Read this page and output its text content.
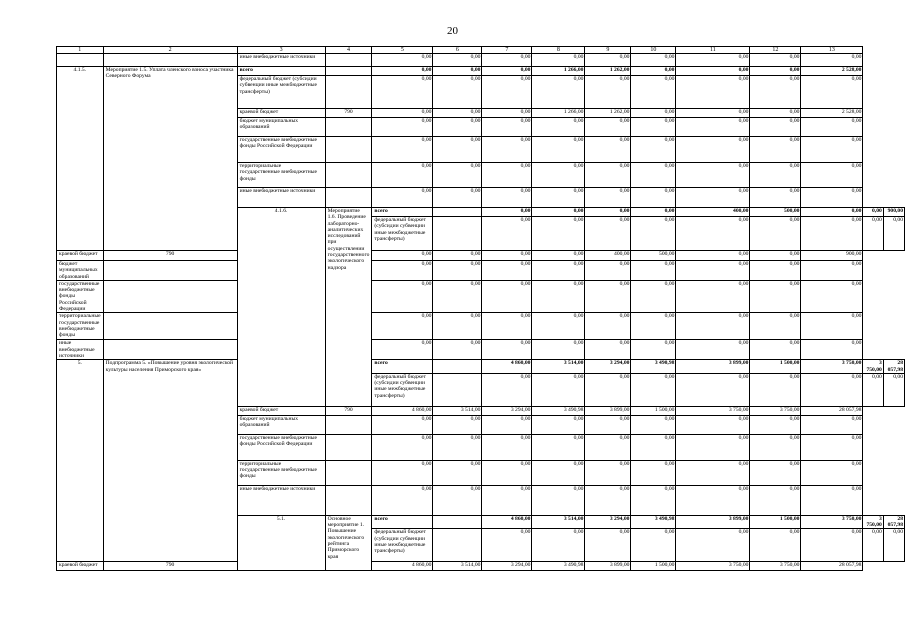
20
1	2	3	4	5	6	7	8	9	10	11	12	13		
		иные внебюджетные источники		0,00	0,00	0,00	0,00	0,00	0,00	0,00	0,00	0,00		
4.1.5.	Мероприятие 1.5. Уплата членского взноса участника Северного Форума	всего		0,00	0,00	0,00	1 266,00	1 262,00	0,00	0,00	0,00	2 528,00		
		федеральный бюджет (субсидии субвенции иные межбюджетные трансферты)		0,00	0,00	0,00	0,00	0,00	0,00	0,00	0,00	0,00		
		краевой бюджет	790	0,00	0,00	0,00	1 266,00	1 262,00	0,00	0,00	0,00	2 528,00		
		бюджет муниципальных образований		0,00	0,00	0,00	0,00	0,00	0,00	0,00	0,00	0,00		
		государственные внебюджетные фонды Российской Федерации		0,00	0,00	0,00	0,00	0,00	0,00	0,00	0,00	0,00		
		территориальные государственные внебюджетные фонды		0,00	0,00	0,00	0,00	0,00	0,00	0,00	0,00	0,00		
		иные внебюджетные источники		0,00	0,00	0,00	0,00	0,00	0,00	0,00	0,00	0,00		
		4.1.6.	Мероприятие 1.6. Проведение лабораторно-аналитических исследований при осуществлении государственного экологического надзора	всего		0,00	0,00	0,00	0,00	400,00	500,00	0,00	0,00	900,00
				федеральный бюджет (субсидии субвенции иные межбюджетные трансферты)		0,00	0,00	0,00	0,00	0,00	0,00	0,00	0,00	0,00
краевой бюджет	790			0,00	0,00	0,00	0,00	400,00	500,00	0,00	0,00	900,00		
бюджет муниципальных образований				0,00	0,00	0,00	0,00	0,00	0,00	0,00	0,00	0,00		
государственные внебюджетные фонды Российской Федерации				0,00	0,00	0,00	0,00	0,00	0,00	0,00	0,00	0,00		
территориальные государственные внебюджетные фонды				0,00	0,00	0,00	0,00	0,00	0,00	0,00	0,00	0,00		
иные внебюджетные источники				0,00	0,00	0,00	0,00	0,00	0,00	0,00	0,00	0,00		
5.	Подпрограмма 5. «Повышение уровня экологической культуры населения Приморского края»			всего		4 860,00	3 514,00	3 294,00	3 490,98	3 899,00	1 500,00	3 750,00	3 750,00	28 057,98
				федеральный бюджет (субсидии субвенции иные межбюджетные трансферты)		0,00	0,00	0,00	0,00	0,00	0,00	0,00	0,00	0,00
		краевой бюджет	790	4 860,00	3 514,00	3 294,00	3 490,98	3 899,00	1 500,00	3 750,00	3 750,00	28 057,98		
		бюджет муниципальных образований		0,00	0,00	0,00	0,00	0,00	0,00	0,00	0,00	0,00		
		государственные внебюджетные фонды Российской Федерации		0,00	0,00	0,00	0,00	0,00	0,00	0,00	0,00	0,00		
		территориальные государственные внебюджетные фонды		0,00	0,00	0,00	0,00	0,00	0,00	0,00	0,00	0,00		
		иные внебюджетные источники		0,00	0,00	0,00	0,00	0,00	0,00	0,00	0,00	0,00		
		5.1.	Основное мероприятие 1. Повышение экологического рейтинга Приморского края	всего		4 860,00	3 514,00	3 294,00	3 490,98	3 899,00	1 500,00	3 750,00	3 750,00	28 057,98
				федеральный бюджет (субсидии субвенции иные межбюджетные трансферты)		0,00	0,00	0,00	0,00	0,00	0,00	0,00	0,00	0,00
краевой бюджет	790			4 860,00	3 514,00	3 294,00	3 490,98	3 899,00	1 500,00	3 750,00	3 750,00	28 057,98		
